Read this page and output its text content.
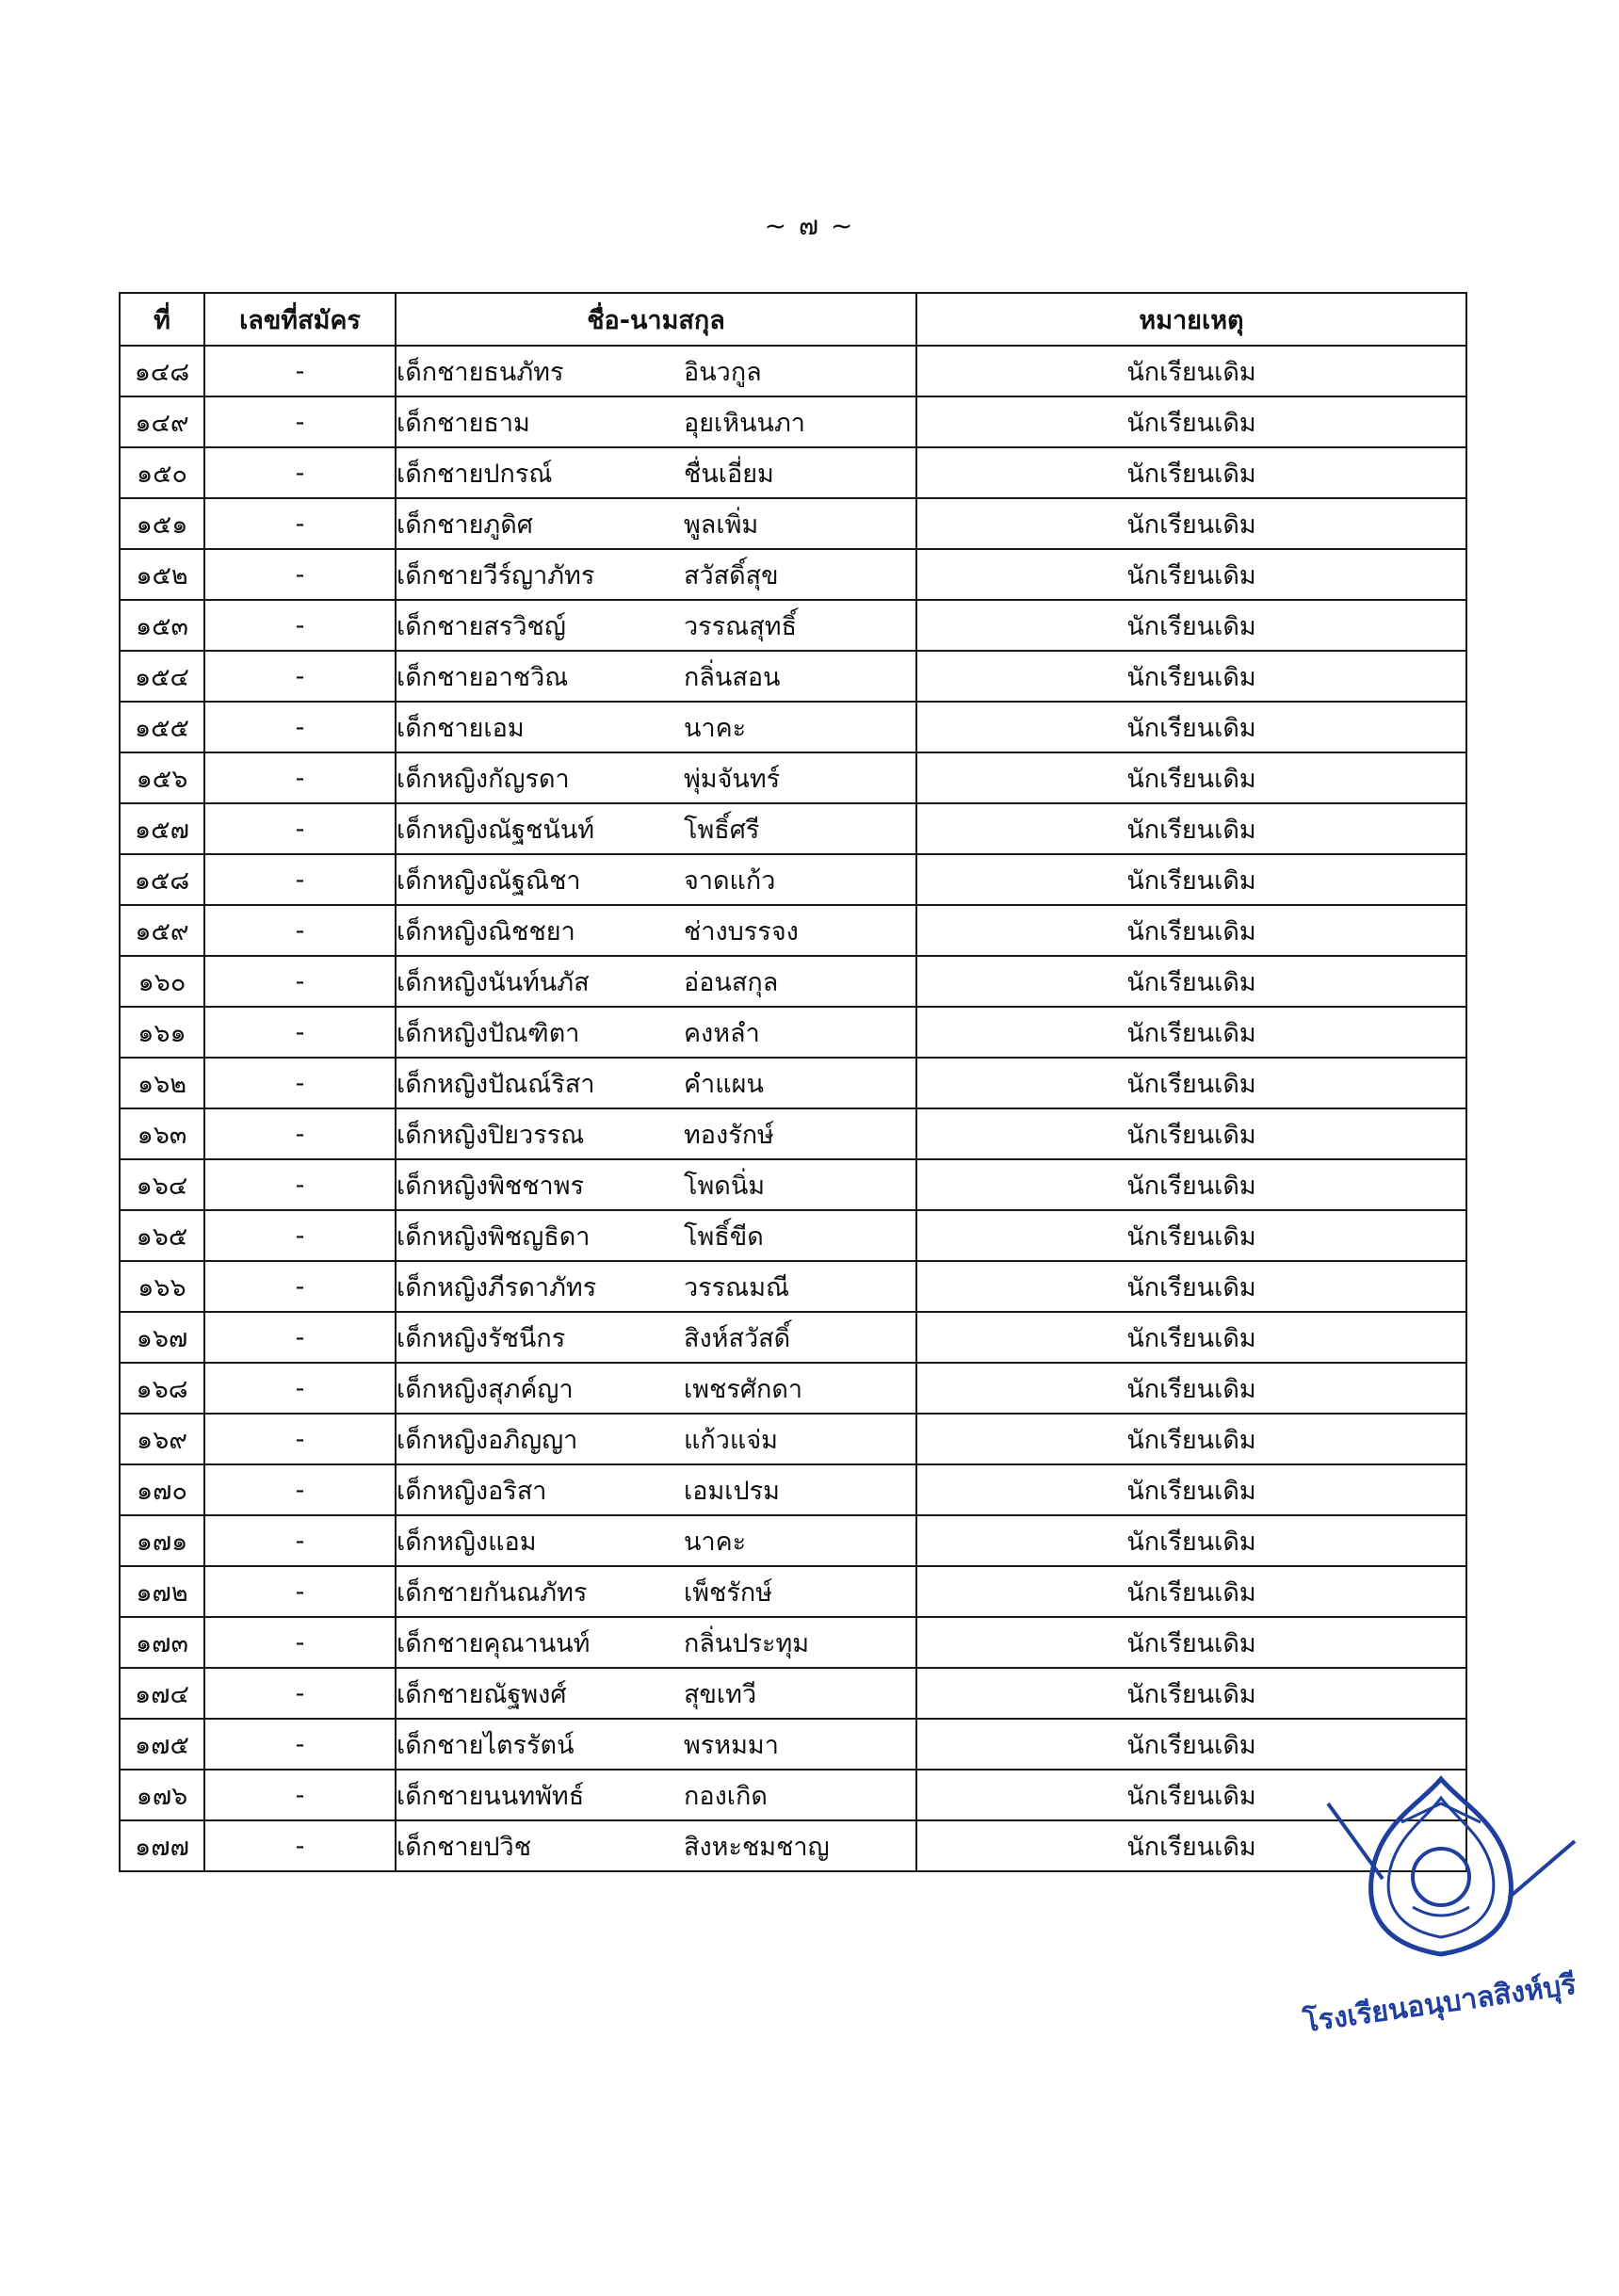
~ ๗ ~
ที่	เลขที่สมัคร	ชื่อ-นามสกุล	หมายเหตุ
๑๔๘	-	เด็กชายธนภัทร อินวกูล	นักเรียนเดิม
๑๔๙	-	เด็กชายธาม อุยเหินนภา	นักเรียนเดิม
๑๕๐	-	เด็กชายปกรณ์ ชื่นเอี่ยม	นักเรียนเดิม
๑๕๑	-	เด็กชายภูดิศ พูลเพิ่ม	นักเรียนเดิม
๑๕๒	-	เด็กชายวีร์ญาภัทร สวัสดิ์สุข	นักเรียนเดิม
๑๕๓	-	เด็กชายสรวิชญ์ วรรณสุทธิ์	นักเรียนเดิม
๑๕๔	-	เด็กชายอาชวิณ กลิ่นสอน	นักเรียนเดิม
๑๕๕	-	เด็กชายเอม นาคะ	นักเรียนเดิม
๑๕๖	-	เด็กหญิงกัญรดา พุ่มจันทร์	นักเรียนเดิม
๑๕๗	-	เด็กหญิงณัฐชนันท์ โพธิ์ศรี	นักเรียนเดิม
๑๕๘	-	เด็กหญิงณัฐณิชา จาดแก้ว	นักเรียนเดิม
๑๕๙	-	เด็กหญิงณิชชยา ช่างบรรจง	นักเรียนเดิม
๑๖๐	-	เด็กหญิงนันท์นภัส อ่อนสกุล	นักเรียนเดิม
๑๖๑	-	เด็กหญิงปัณฑิตา คงหลำ	นักเรียนเดิม
๑๖๒	-	เด็กหญิงปัณณ์ริสา คำแผน	นักเรียนเดิม
๑๖๓	-	เด็กหญิงปิยวรรณ ทองรักษ์	นักเรียนเดิม
๑๖๔	-	เด็กหญิงพิชชาพร โพดนิ่ม	นักเรียนเดิม
๑๖๕	-	เด็กหญิงพิชญธิดา โพธิ์ขีด	นักเรียนเดิม
๑๖๖	-	เด็กหญิงภีรดาภัทร วรรณมณี	นักเรียนเดิม
๑๖๗	-	เด็กหญิงรัชนีกร สิงห์สวัสดิ์	นักเรียนเดิม
๑๖๘	-	เด็กหญิงสุภค์ญา เพชรศักดา	นักเรียนเดิม
๑๖๙	-	เด็กหญิงอภิญญา แก้วแจ่ม	นักเรียนเดิม
๑๗๐	-	เด็กหญิงอริสา เอมเปรม	นักเรียนเดิม
๑๗๑	-	เด็กหญิงแอม นาคะ	นักเรียนเดิม
๑๗๒	-	เด็กชายกันณภัทร เพ็ชรักษ์	นักเรียนเดิม
๑๗๓	-	เด็กชายคุณานนท์ กลิ่นประทุม	นักเรียนเดิม
๑๗๔	-	เด็กชายณัฐพงศ์ สุขเทวี	นักเรียนเดิม
๑๗๕	-	เด็กชายไตรรัตน์ พรหมมา	นักเรียนเดิม
๑๗๖	-	เด็กชายนนทพัทธ์ กองเกิด	นักเรียนเดิม
๑๗๗	-	เด็กชายปวิช สิงหะชมชาญ	นักเรียนเดิม
โรงเรียนอนุบาลสิงห์บุรี
